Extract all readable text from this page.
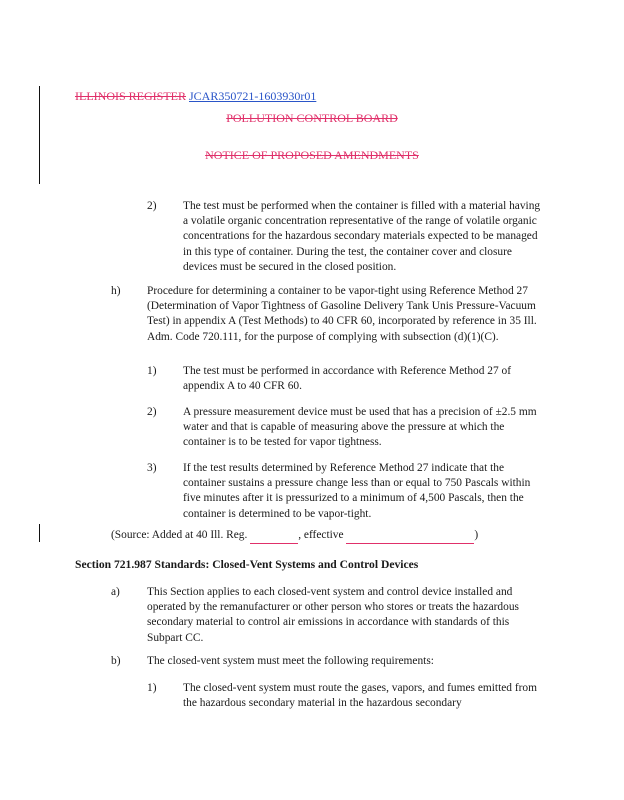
ILLINOIS REGISTER JCAR350721-1603930r01
POLLUTION CONTROL BOARD
NOTICE OF PROPOSED AMENDMENTS
2) The test must be performed when the container is filled with a material having a volatile organic concentration representative of the range of volatile organic concentrations for the hazardous secondary materials expected to be managed in this type of container. During the test, the container cover and closure devices must be secured in the closed position.
h) Procedure for determining a container to be vapor-tight using Reference Method 27 (Determination of Vapor Tightness of Gasoline Delivery Tank Unis Pressure-Vacuum Test) in appendix A (Test Methods) to 40 CFR 60, incorporated by reference in 35 Ill. Adm. Code 720.111, for the purpose of complying with subsection (d)(1)(C).
1) The test must be performed in accordance with Reference Method 27 of appendix A to 40 CFR 60.
2) A pressure measurement device must be used that has a precision of ±2.5 mm water and that is capable of measuring above the pressure at which the container is to be tested for vapor tightness.
3) If the test results determined by Reference Method 27 indicate that the container sustains a pressure change less than or equal to 750 Pascals within five minutes after it is pressurized to a minimum of 4,500 Pascals, then the container is determined to be vapor-tight.
(Source: Added at 40 Ill. Reg.	, effective	)
Section 721.987 Standards: Closed-Vent Systems and Control Devices
a) This Section applies to each closed-vent system and control device installed and operated by the remanufacturer or other person who stores or treats the hazardous secondary material to control air emissions in accordance with standards of this Subpart CC.
b) The closed-vent system must meet the following requirements:
1) The closed-vent system must route the gases, vapors, and fumes emitted from the hazardous secondary material in the hazardous secondary
